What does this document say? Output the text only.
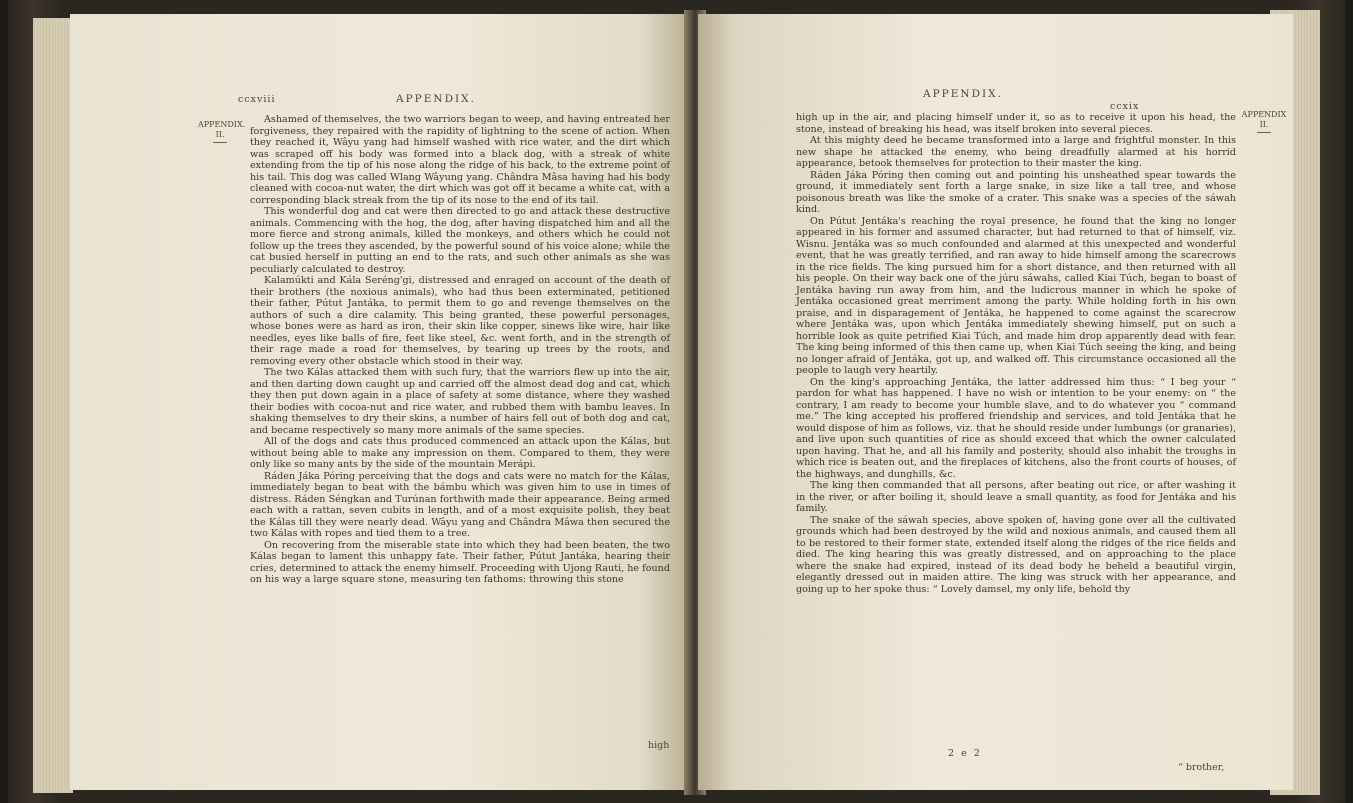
ccxviii	APPENDIX.
APPENDIX.
II.

Ashamed of themselves, the two warriors began to weep, and having entreated her forgiveness, they repaired with the rapidity of lightning to the scene of action. When they reached it, Wâyu yang had himself washed with rice water, and the dirt which was scraped off his body was formed into a black dog, with a streak of white extending from the tip of his nose along the ridge of his back, to the extreme point of his tail. This dog was called Wlang Wâyung yang. Chândra Mâsa having had his body cleaned with cocoa-nut water, the dirt which was got off it became a white cat, with a corresponding black streak from the tip of its nose to the end of its tail.

This wonderful dog and cat were then directed to go and attack these destructive animals. Commencing with the hog, the dog, after having dispatched him and all the more fierce and strong animals, killed the monkeys, and others which he could not follow up the trees they ascended, by the powerful sound of his voice alone; while the cat busied herself in putting an end to the rats, and such other animals as she was peculiarly calculated to destroy.

Kalamúkti and Kála Seréng'gi, distressed and enraged on account of the death of their brothers (the noxious animals), who had thus been exterminated, petitioned their father, Pútut Jantáka, to permit them to go and revenge themselves on the authors of such a dire calamity. This being granted, these powerful personages, whose bones were as hard as iron, their skin like copper, sinews like wire, hair like needles, eyes like balls of fire, feet like steel, &c. went forth, and in the strength of their rage made a road for themselves, by tearing up trees by the roots, and removing every other obstacle which stood in their way.

The two Kálas attacked them with such fury, that the warriors flew up into the air, and then darting down caught up and carried off the almost dead dog and cat, which they then put down again in a place of safety at some distance, where they washed their bodies with cocoa-nut and rice water, and rubbed them with bambu leaves. In shaking themselves to dry their skins, a number of hairs fell out of both dog and cat, and became respectively so many more animals of the same species.

All of the dogs and cats thus produced commenced an attack upon the Kálas, but without being able to make any impression on them. Compared to them, they were only like so many ants by the side of the mountain Merápi.

Ráden Jáka Póring perceiving that the dogs and cats were no match for the Kálas, immediately began to beat with the bámbu which was given him to use in times of distress. Ráden Séngkan and Turúnan forthwith made their appearance. Being armed each with a rattan, seven cubits in length, and of a most exquisite polish, they beat the Kálas till they were nearly dead. Wâyu yang and Chândra Mâwa then secured the two Kálas with ropes and tied them to a tree.

On recovering from the miserable state into which they had been beaten, the two Kálas began to lament this unhappy fate. Their father, Pútut Jantáka, hearing their cries, determined to attack the enemy himself. Proceeding with Ujong Rauti, he found on his way a large square stone, measuring ten fathoms: throwing this stone

high
APPENDIX.
ccxix
APPENDIX
II.

high up in the air, and placing himself under it, so as to receive it upon his head, the stone, instead of breaking his head, was itself broken into several pieces.

At this mighty deed he became transformed into a large and frightful monster. In this new shape he attacked the enemy, who being dreadfully alarmed at his horrid appearance, betook themselves for protection to their master the king.

Ráden Jáka Póring then coming out and pointing his unsheathed spear towards the ground, it immediately sent forth a large snake, in size like a tall tree, and whose poisonous breath was like the smoke of a crater. This snake was a species of the sáwah kind.

On Pútut Jentáka's reaching the royal presence, he found that the king no longer appeared in his former and assumed character, but had returned to that of himself, viz. Wisnu. Jentáka was so much confounded and alarmed at this unexpected and wonderful event, that he was greatly terrified, and ran away to hide himself among the scarecrows in the rice fields. The king pursued him for a short distance, and then returned with all his people. On their way back one of the júru sáwahs, called Kiai Túch, began to boast of Jentáka having run away from him, and the ludicrous manner in which he spoke of Jentáka occasioned great merriment among the party. While holding forth in his own praise, and in disparagement of Jentáka, he happened to come against the scarecrow where Jentáka was, upon which Jentáka immediately shewing himself, put on such a horrible look as quite petrified Kiai Túch, and made him drop apparently dead with fear. The king being informed of this then came up, when Kiai Túch seeing the king, and being no longer afraid of Jentáka, got up, and walked off. This circumstance occasioned all the people to laugh very heartily.

On the king's approaching Jentáka, the latter addressed him thus: “ I beg your “ pardon for what has happened. I have no wish or intention to be your enemy: on “ the contrary, I am ready to become your humble slave, and to do whatever you “ command me.” The king accepted his proffered friendship and services, and told Jentáka that he would dispose of him as follows, viz. that he should reside under lumbungs (or granaries), and live upon such quantities of rice as should exceed that which the owner calculated upon having. That he, and all his family and posterity, should also inhabit the troughs in which rice is beaten out, and the fireplaces of kitchens, also the front courts of houses, of the highways, and dunghills, &c.

The king then commanded that all persons, after beating out rice, or after washing it in the river, or after boiling it, should leave a small quantity, as food for Jentáka and his family.

The snake of the sáwah species, above spoken of, having gone over all the cultivated grounds which had been destroyed by the wild and noxious animals, and caused them all to be restored to their former state, extended itself along the ridges of the rice fields and died. The king hearing this was greatly distressed, and on approaching to the place where the snake had expired, instead of its dead body he beheld a beautiful virgin, elegantly dressed out in maiden attire. The king was struck with her appearance, and going up to her spoke thus: “ Lovely damsel, my only life, behold thy

2 e 2
“ brother,
